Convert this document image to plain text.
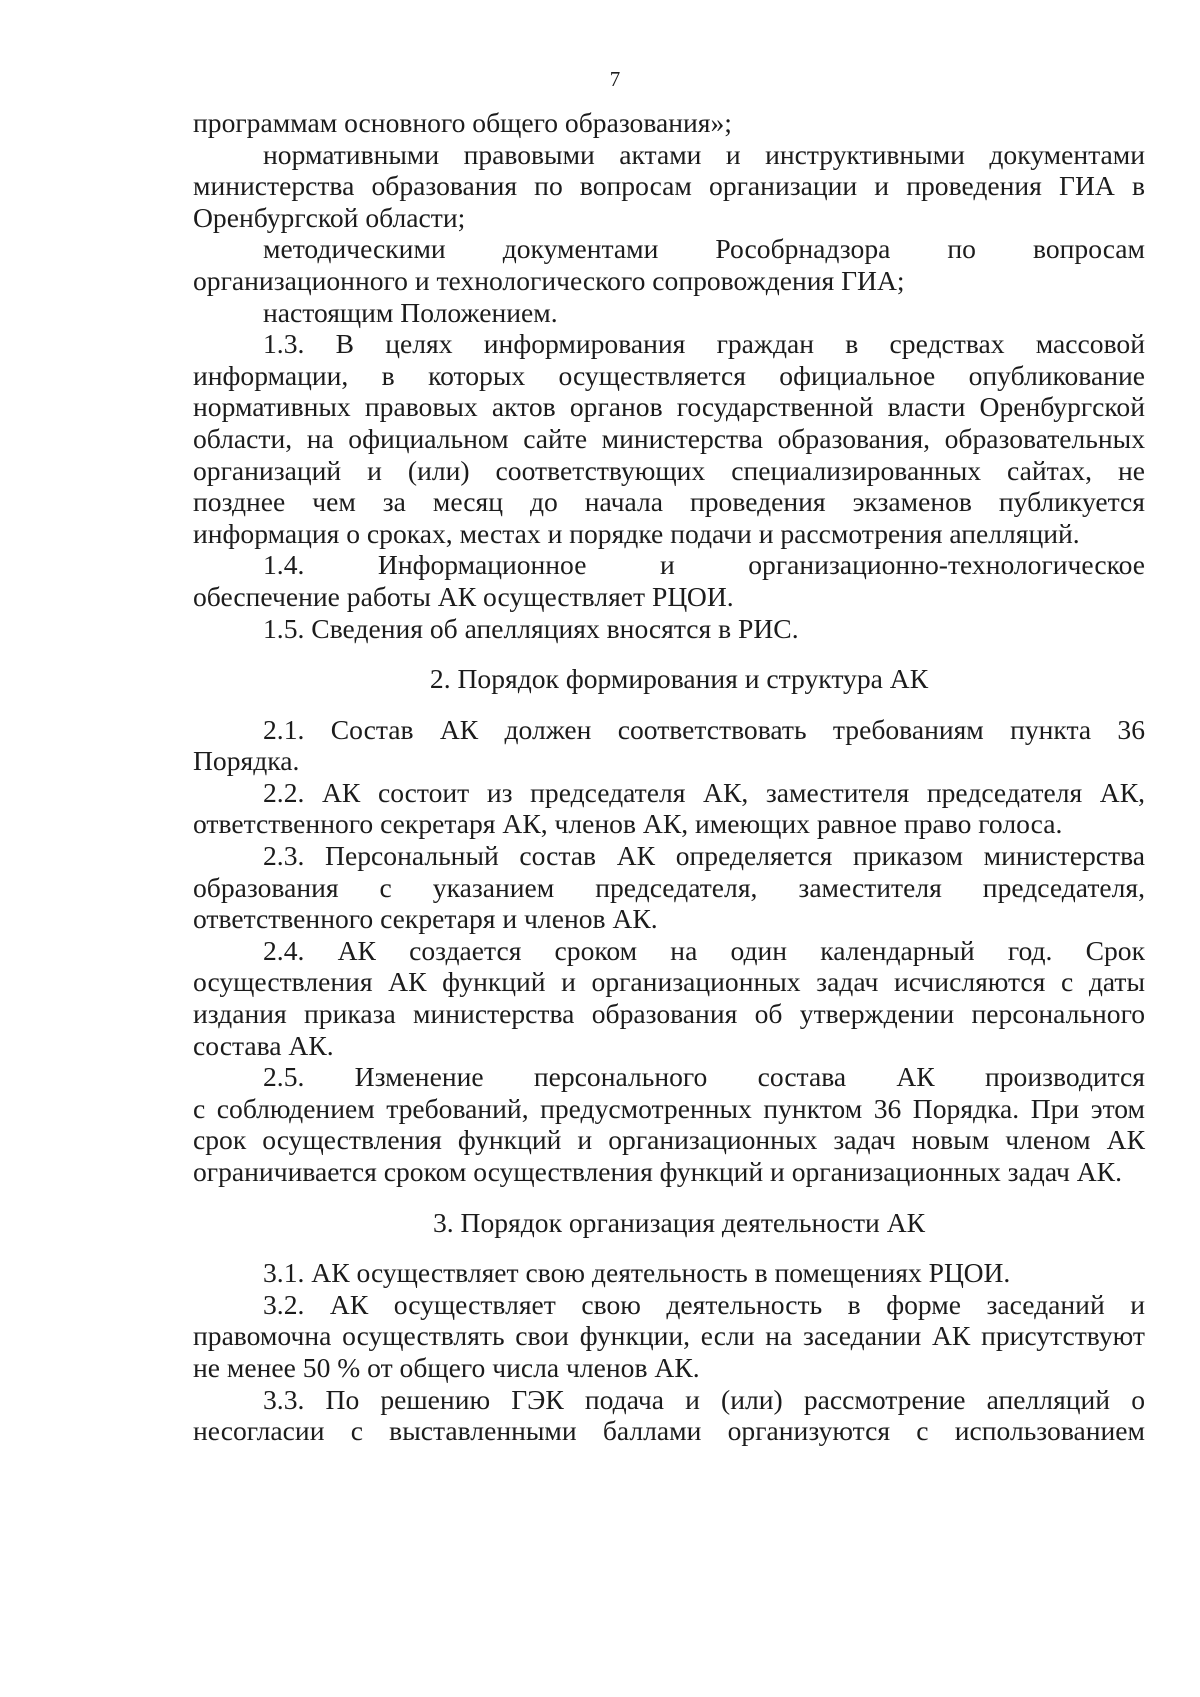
7
программам основного общего образования»;
нормативными правовыми актами и инструктивными документами
министерства образования по вопросам организации и проведения ГИА в
Оренбургской области;
методическими документами Рособрнадзора по вопросам
организационного и технологического сопровождения ГИА;
настоящим Положением.
1.3. В целях информирования граждан в средствах массовой
информации, в которых осуществляется официальное опубликование
нормативных правовых актов органов государственной власти Оренбургской
области, на официальном сайте министерства образования, образовательных
организаций и (или) соответствующих специализированных сайтах, не
позднее чем за месяц до начала проведения экзаменов публикуется
информация о сроках, местах и порядке подачи и рассмотрения апелляций.
1.4. Информационное и организационно-технологическое
обеспечение работы АК осуществляет РЦОИ.
1.5. Сведения об апелляциях вносятся в РИС.
2. Порядок формирования и структура АК
2.1. Состав АК должен соответствовать требованиям пункта 36
Порядка.
2.2. АК состоит из председателя АК, заместителя председателя АК,
ответственного секретаря АК, членов АК, имеющих равное право голоса.
2.3. Персональный состав АК определяется приказом министерства
образования с указанием председателя, заместителя председателя,
ответственного секретаря и членов АК.
2.4. АК создается сроком на один календарный год. Срок
осуществления АК функций и организационных задач исчисляются с даты
издания приказа министерства образования об утверждении персонального
состава АК.
2.5. Изменение персонального состава АК производится
с соблюдением требований, предусмотренных пунктом 36 Порядка. При этом
срок осуществления функций и организационных задач новым членом АК
ограничивается сроком осуществления функций и организационных задач АК.
3. Порядок организация деятельности АК
3.1. АК осуществляет свою деятельность в помещениях РЦОИ.
3.2. АК осуществляет свою деятельность в форме заседаний и
правомочна осуществлять свои функции, если на заседании АК присутствуют
не менее 50 % от общего числа членов АК.
3.3. По решению ГЭК подача и (или) рассмотрение апелляций о
несогласии с выставленными баллами организуются с использованием
